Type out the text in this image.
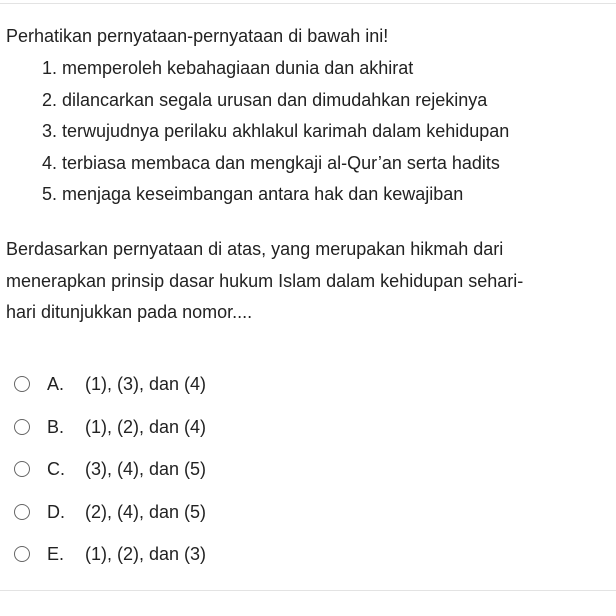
Perhatikan pernyataan-pernyataan di bawah ini!
1. memperoleh kebahagiaan dunia dan akhirat
2. dilancarkan segala urusan dan dimudahkan rejekinya
3. terwujudnya perilaku akhlakul karimah dalam kehidupan
4. terbiasa membaca dan mengkaji al-Qur’an serta hadits
5. menjaga keseimbangan antara hak dan kewajiban
Berdasarkan pernyataan di atas, yang merupakan hikmah dari
menerapkan prinsip dasar hukum Islam dalam kehidupan sehari-
hari ditunjukkan pada nomor....
A.	(1), (3), dan (4)
B.	(1), (2), dan (4)
C.	(3), (4), dan (5)
D.	(2), (4), dan (5)
E.	(1), (2), dan (3)
